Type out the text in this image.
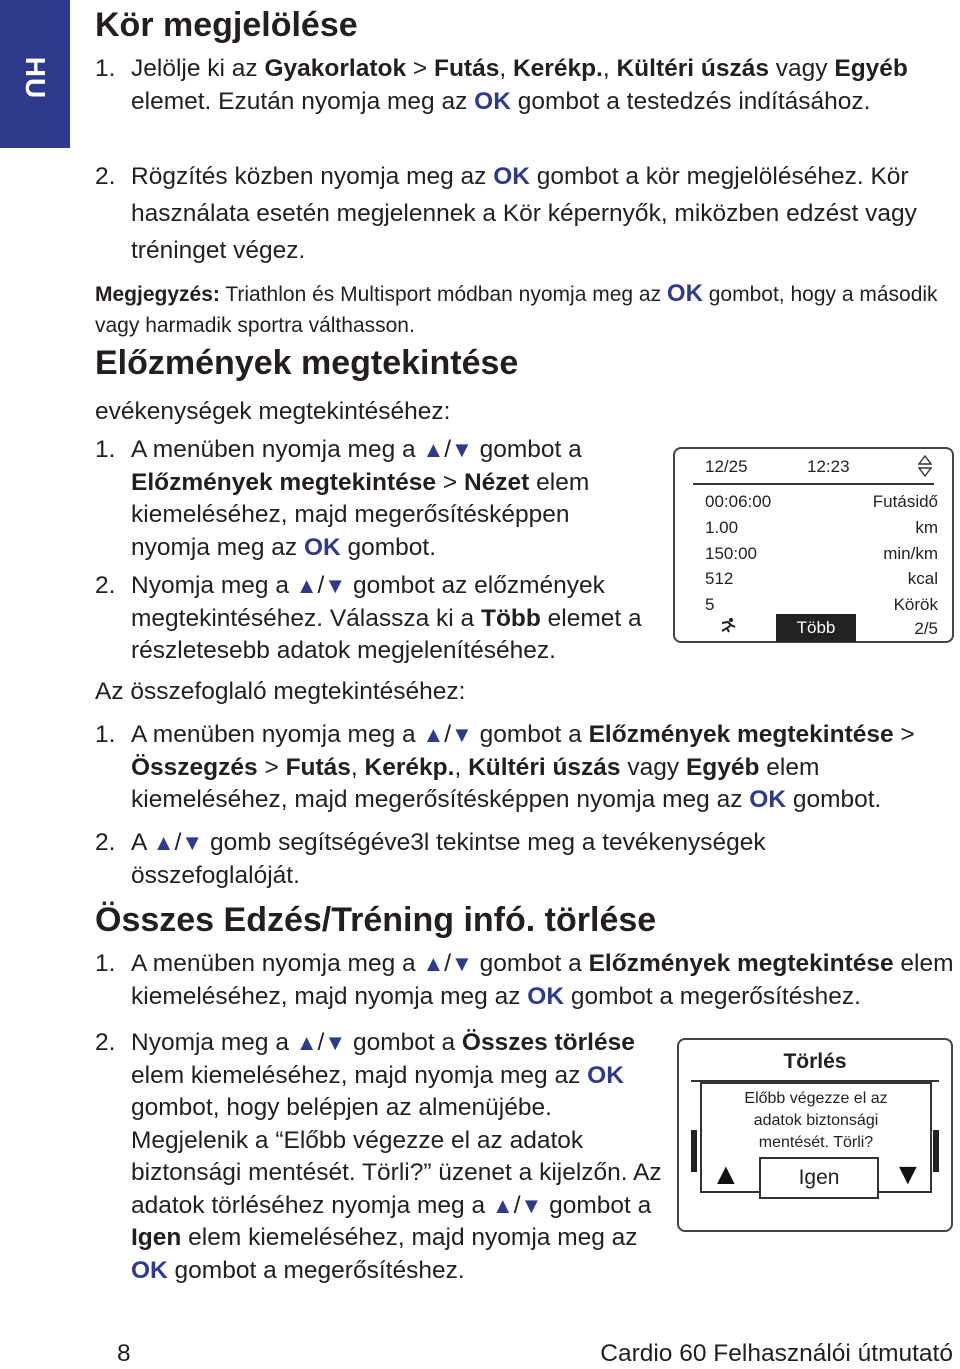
HU
Kör megjelölése
1. Jelölje ki az Gyakorlatok > Futás, Kerékp., Kültéri úszás vagy Egyéb elemet. Ezután nyomja meg az OK gombot a testedzés indításához.
2. Rögzítés közben nyomja meg az OK gombot a kör megjelöléséhez. Kör használata esetén megjelennek a Kör képernyők, miközben edzést vagy tréninget végez.

Megjegyzés: Triathlon és Multisport módban nyomja meg az OK gombot, hogy a második vagy harmadik sportra válthasson.

Előzmények megtekintése

evékenységek megtekintéséhez:

1. A menüben nyomja meg a ▲/▼ gombot a Előzmények megtekintése > Nézet elem kiemeléséhez, majd megerősítésképpen nyomja meg az OK gombot.
2. Nyomja meg a ▲/▼ gombot az előzmények megtekintéséhez. Válassza ki a Több elemet a részletesebb adatok megjelenítéséhez.

Az összefoglaló megtekintéséhez:

1. A menüben nyomja meg a ▲/▼ gombot a Előzmények megtekintése > Összegzés > Futás, Kerékp., Kültéri úszás vagy Egyéb elem kiemeléséhez, majd megerősítésképpen nyomja meg az OK gombot.
2. A ▲/▼ gomb segítségéve3l tekintse meg a tevékenységek összefoglalóját.
Összes Edzés/Tréning infó. törlése
1. A menüben nyomja meg a ▲/▼ gombot a Előzmények megtekintése elem kiemeléséhez, majd nyomja meg az OK gombot a megerősítéshez.
2. Nyomja meg a ▲/▼ gombot a Összes törlése elem kiemeléséhez, majd nyomja meg az OK gombot, hogy belépjen az almenüjébe. Megjelenik a “Előbb végezze el az adatok biztonsági mentését. Törli?” üzenet a kijelzőn. Az adatok törléséhez nyomja meg a ▲/▼ gombot a Igen elem kiemeléséhez, majd nyomja meg az OK gombot a megerősítéshez.
12/25	12:23
00:06:00	Futásidő
1.00	km
150:00	min/km
512	kcal
5	Körök
Több	2/5
Törlés
Előbb végezze el az
adatok biztonsági
mentését. Törli?
▲	Igen	▼
8	Cardio 60 Felhasználói útmutató
